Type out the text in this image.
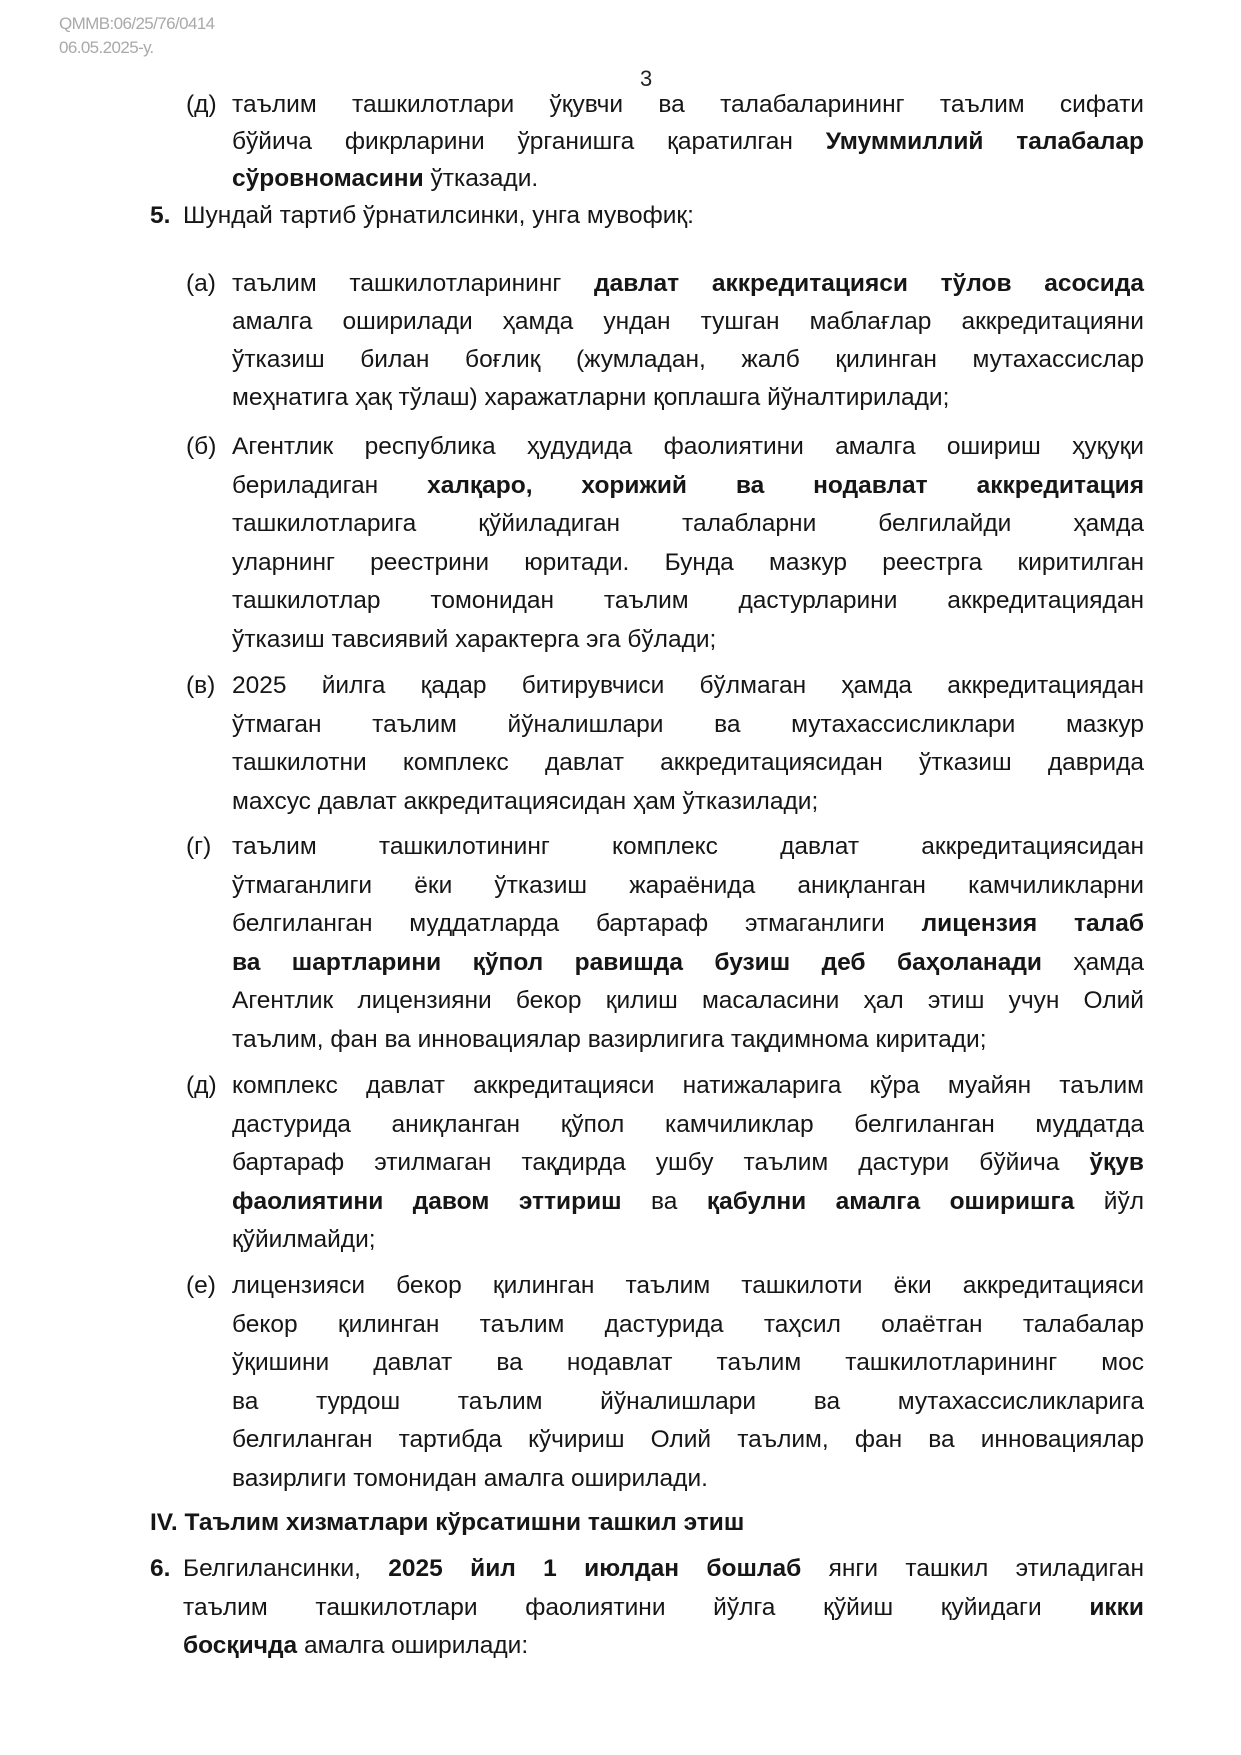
QMMB:06/25/76/0414
06.05.2025-у.
3
(д) таълим ташкилотлари ўқувчи ва талабаларининг таълим сифати
бўйича фикрларини ўрганишга қаратилган Умуммиллий талабалар
сўровномасини ўтказади.
5. Шундай тартиб ўрнатилсинки, унга мувофиқ:
(а) таълим ташкилотларининг давлат аккредитацияси тўлов асосида
амалга оширилади ҳамда ундан тушган маблағлар аккредитацияни
ўтказиш билан боғлиқ (жумладан, жалб қилинган мутахассислар
меҳнатига ҳақ тўлаш) харажатларни қоплашга йўналтирилади;
(б) Агентлик республика ҳудудида фаолиятини амалга ошириш ҳуқуқи
бериладиган халқаро, хорижий ва нодавлат аккредитация
ташкилотларига қўйиладиган талабларни белгилайди ҳамда
уларнинг реестрини юритади. Бунда мазкур реестрга киритилган
ташкилотлар томонидан таълим дастурларини аккредитациядан
ўтказиш тавсиявий характерга эга бўлади;
(в) 2025 йилга қадар битирувчиси бўлмаган ҳамда аккредитациядан
ўтмаган таълим йўналишлари ва мутахассисликлари мазкур
ташкилотни комплекс давлат аккредитациясидан ўтказиш даврида
махсус давлат аккредитациясидан ҳам ўтказилади;
(г) таълим ташкилотининг комплекс давлат аккредитациясидан
ўтмаганлиги ёки ўтказиш жараёнида аниқланган камчиликларни
белгиланган муддатларда бартараф этмаганлиги лицензия талаб
ва шартларини қўпол равишда бузиш деб баҳоланади ҳамда
Агентлик лицензияни бекор қилиш масаласини ҳал этиш учун Олий
таълим, фан ва инновациялар вазирлигига тақдимнома киритади;
(д) комплекс давлат аккредитацияси натижаларига кўра муайян таълим
дастурида аниқланган қўпол камчиликлар белгиланган муддатда
бартараф этилмаган тақдирда ушбу таълим дастури бўйича ўқув
фаолиятини давом эттириш ва қабулни амалга оширишга йўл
қўйилмайди;
(е) лицензияси бекор қилинган таълим ташкилоти ёки аккредитацияси
бекор қилинган таълим дастурида таҳсил олаётган талабалар
ўқишини давлат ва нодавлат таълим ташкилотларининг мос
ва турдош таълим йўналишлари ва мутахассисликларига
белгиланган тартибда кўчириш Олий таълим, фан ва инновациялар
вазирлиги томонидан амалга оширилади.
IV. Таълим хизматлари кўрсатишни ташкил этиш
6. Белгилансинки, 2025 йил 1 июлдан бошлаб янги ташкил этиладиган
таълим ташкилотлари фаолиятини йўлга қўйиш қуйидаги икки
босқичда амалга оширилади:
